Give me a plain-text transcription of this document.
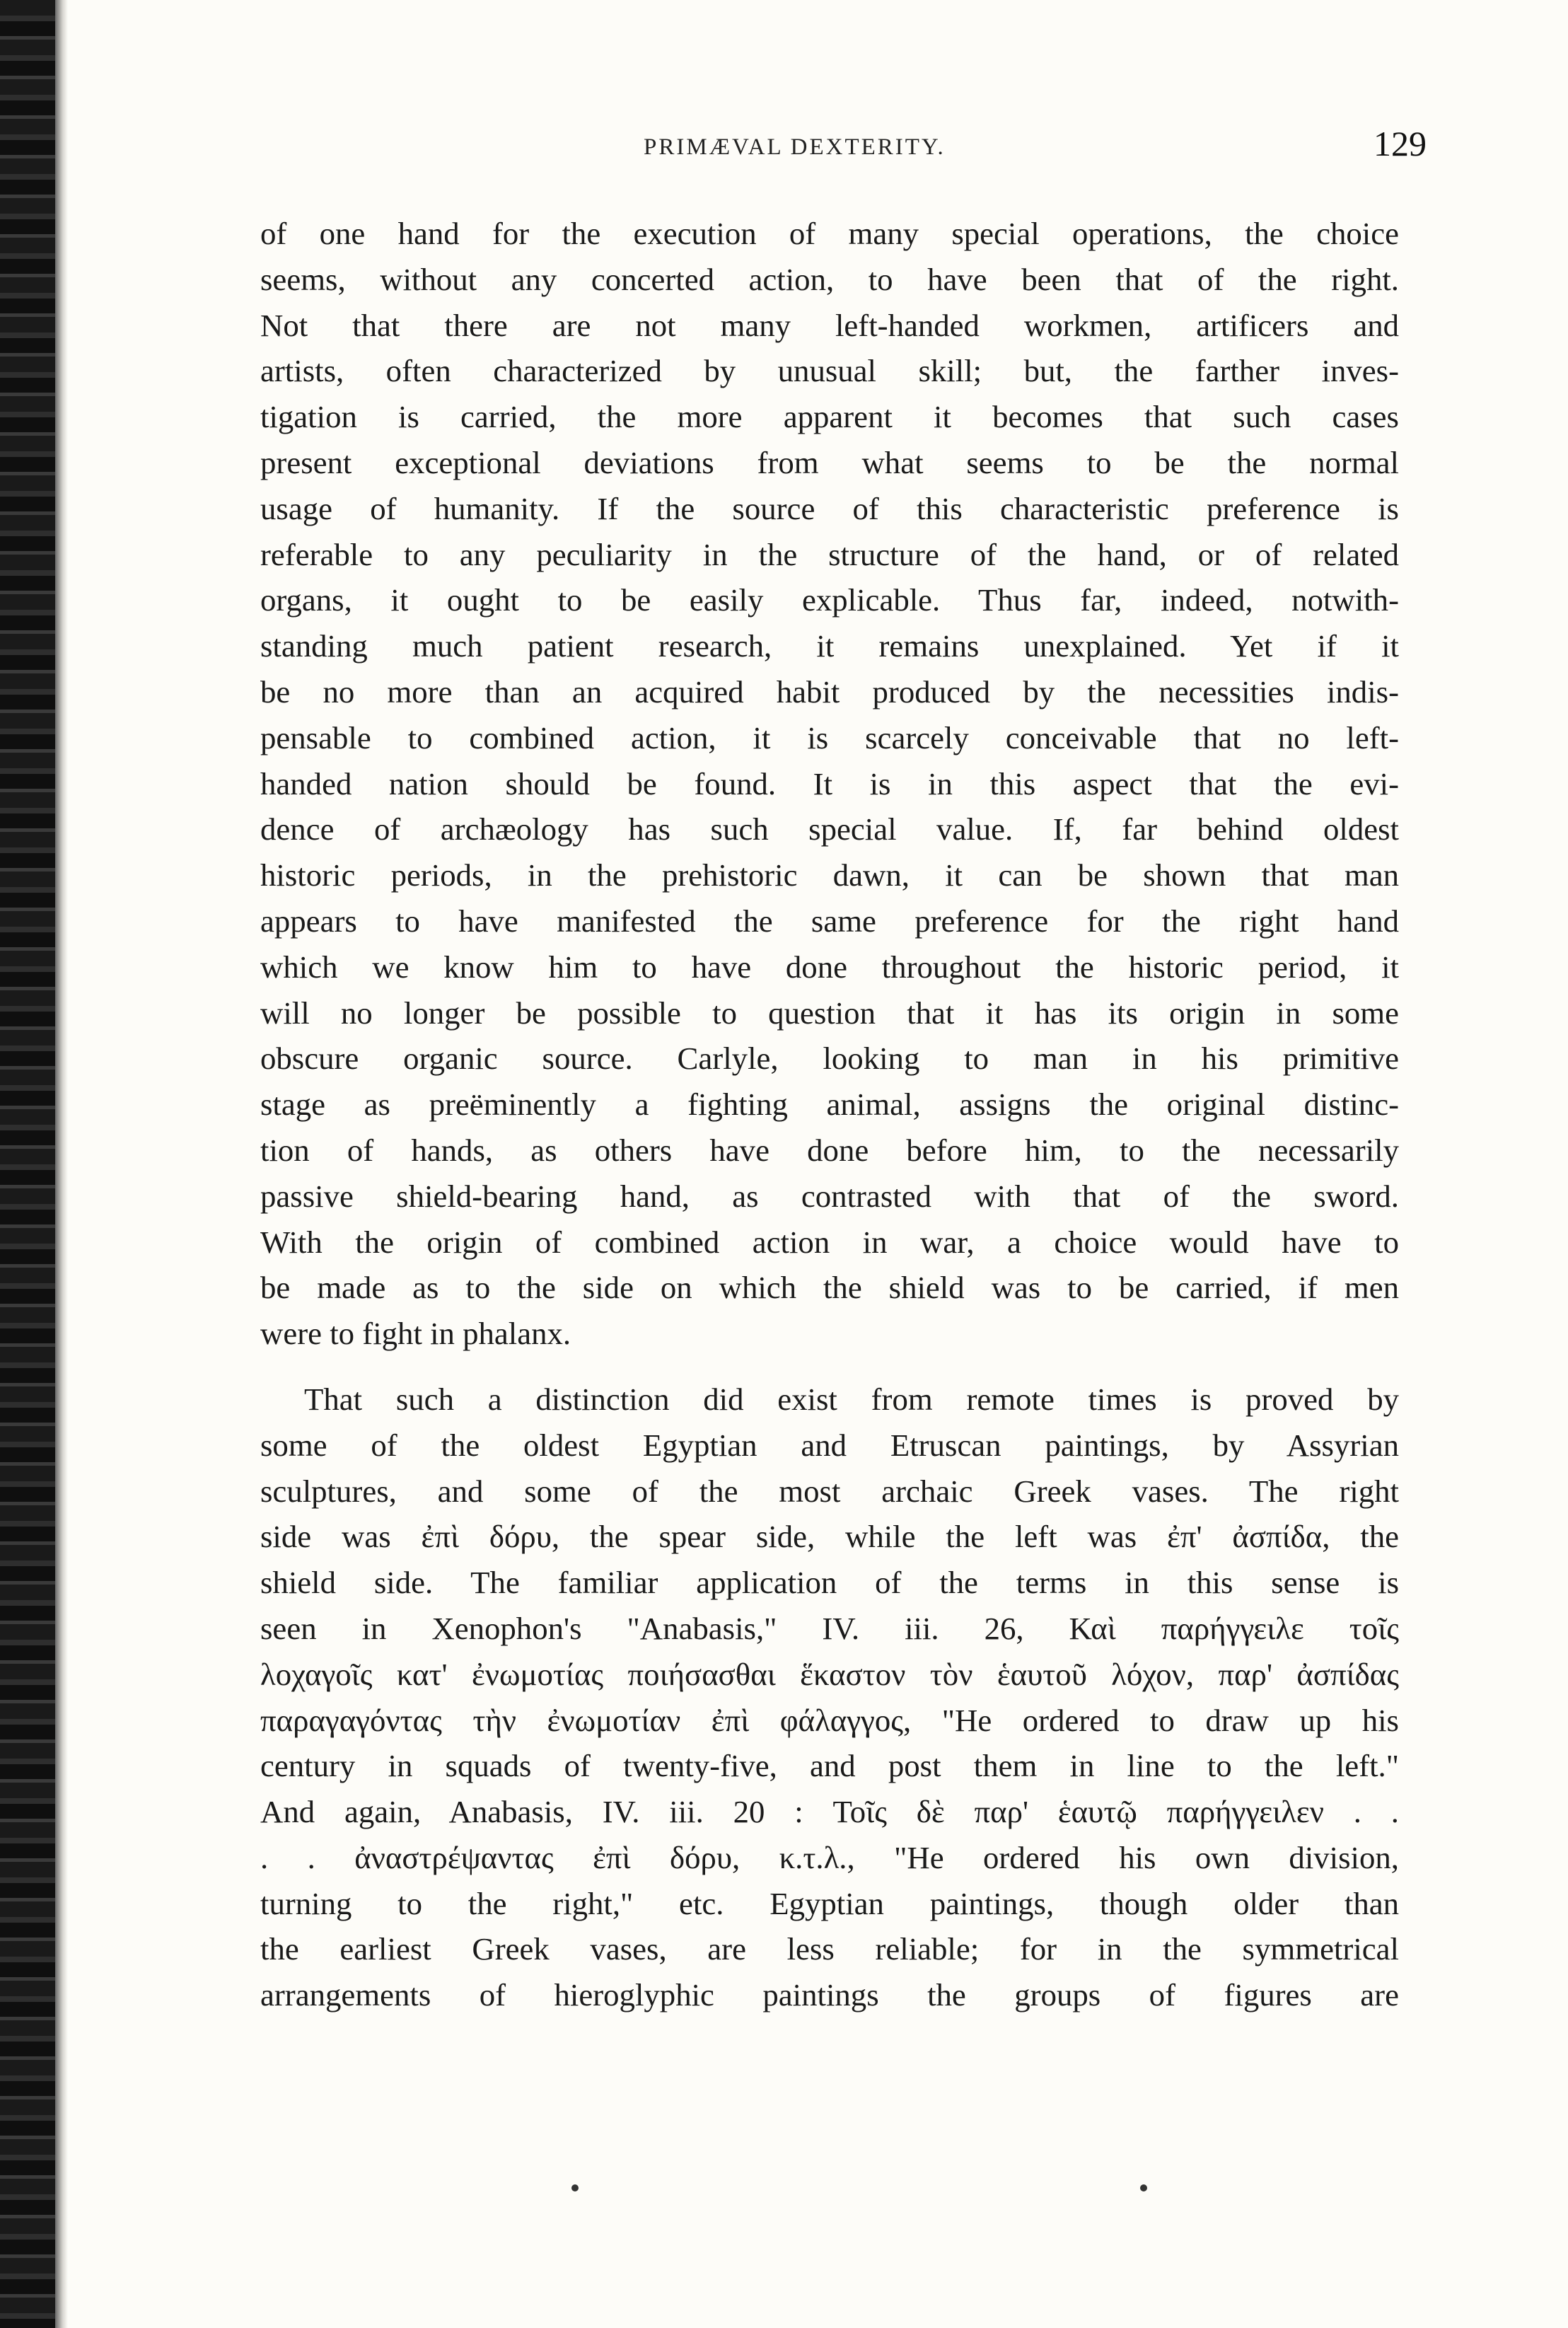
PRIMÆVAL DEXTERITY.	129
of one hand for the execution of many special operations, the choice
seems, without any concerted action, to have been that of the right.
Not that there are not many left-handed workmen, artificers and
artists, often characterized by unusual skill; but, the farther inves-
tigation is carried, the more apparent it becomes that such cases
present exceptional deviations from what seems to be the normal
usage of humanity. If the source of this characteristic preference is
referable to any peculiarity in the structure of the hand, or of related
organs, it ought to be easily explicable. Thus far, indeed, notwith-
standing much patient research, it remains unexplained. Yet if it
be no more than an acquired habit produced by the necessities indis-
pensable to combined action, it is scarcely conceivable that no left-
handed nation should be found. It is in this aspect that the evi-
dence of archæology has such special value. If, far behind oldest
historic periods, in the prehistoric dawn, it can be shown that man
appears to have manifested the same preference for the right hand
which we know him to have done throughout the historic period, it
will no longer be possible to question that it has its origin in some
obscure organic source. Carlyle, looking to man in his primitive
stage as preëminently a fighting animal, assigns the original distinc-
tion of hands, as others have done before him, to the necessarily
passive shield-bearing hand, as contrasted with that of the sword.
With the origin of combined action in war, a choice would have to
be made as to the side on which the shield was to be carried, if men
were to fight in phalanx.
That such a distinction did exist from remote times is proved by
some of the oldest Egyptian and Etruscan paintings, by Assyrian
sculptures, and some of the most archaic Greek vases. The right
side was ἐπὶ δόρυ, the spear side, while the left was ἐπ' ἀσπίδα, the
shield side. The familiar application of the terms in this sense is
seen in Xenophon's "Anabasis," IV. iii. 26, Καὶ παρήγγειλε τοῖς
λοχαγοῖς κατ' ἐνωμοτίας ποιήσασθαι ἕκαστον τὸν ἑαυτοῦ λόχον, παρ' ἀσπίδας
παραγαγόντας τὴν ἐνωμοτίαν ἐπὶ φάλαγγος, "He ordered to draw up his
century in squads of twenty-five, and post them in line to the left."
And again, Anabasis, IV. iii. 20 : Τοῖς δὲ παρ' ἑαυτῷ παρήγγειλεν . .
. . ἀναστρέψαντας ἐπὶ δόρυ, κ.τ.λ., "He ordered his own division,
turning to the right," etc. Egyptian paintings, though older than
the earliest Greek vases, are less reliable; for in the symmetrical
arrangements of hieroglyphic paintings the groups of figures are
